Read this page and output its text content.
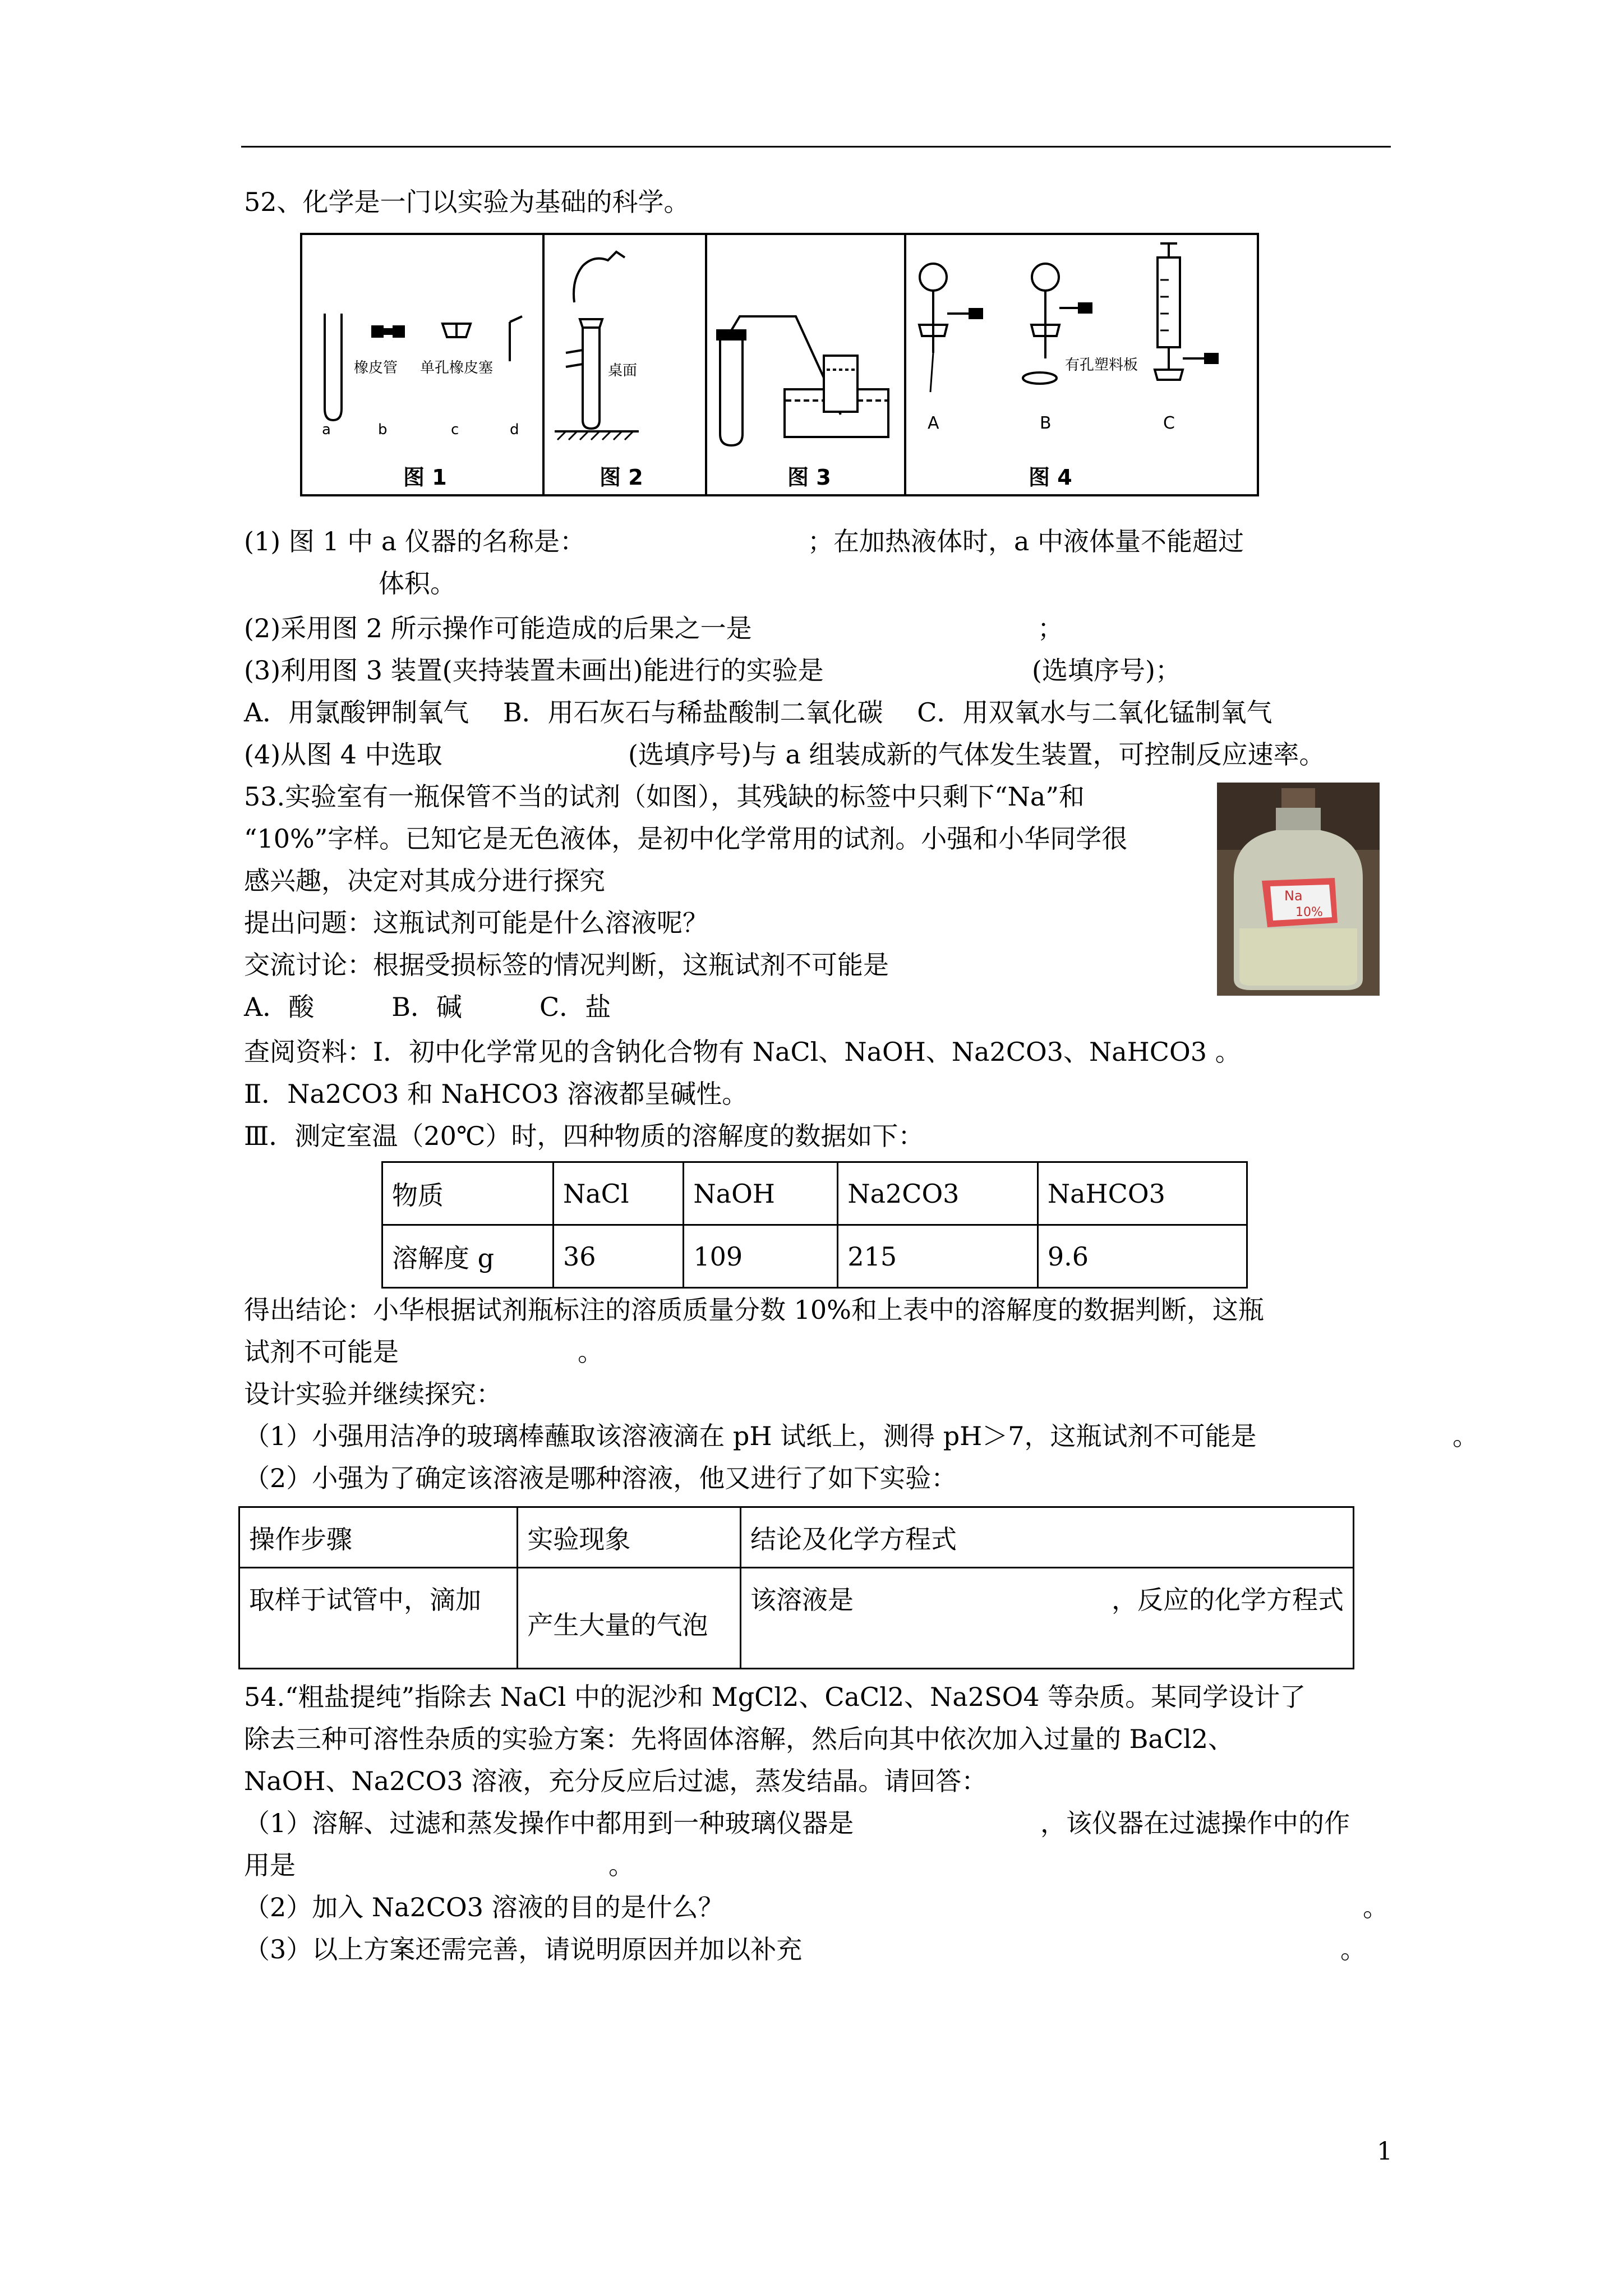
52、化学是一门以实验为基础的科学。
橡皮管 单孔橡皮塞
a	b	c	d
图 1
桌面
图 2	图 3
有孔塑料板
A	B	C
图 4
(1) 图 1 中 a 仪器的名称是：	；在加热液体时，a 中液体量不能超过
体积。
(2)采用图 2 所示操作可能造成的后果之一是	；
(3)利用图 3 装置(夹持装置未画出)能进行的实验是	(选填序号)；
A．用氯酸钾制氧气　 B．用石灰石与稀盐酸制二氧化碳　 C．用双氧水与二氧化锰制氧气
(4)从图 4 中选取	(选填序号)与 a 组装成新的气体发生装置，可控制反应速率。
53.实验室有一瓶保管不当的试剂（如图），其残缺的标签中只剩下“Na”和
“10%”字样。已知它是无色液体，是初中化学常用的试剂。小强和小华同学很
感兴趣，决定对其成分进行探究	Na
10%
提出问题：这瓶试剂可能是什么溶液呢？
交流讨论：根据受损标签的情况判断，这瓶试剂不可能是
A．酸　　　B．碱　　　C．盐
查阅资料：Ⅰ．初中化学常见的含钠化合物有 NaCl、NaOH、Na2CO3、NaHCO3 。
Ⅱ．Na2CO3 和 NaHCO3 溶液都呈碱性。
Ⅲ．测定室温（20℃）时，四种物质的溶解度的数据如下：
物质	NaCl	NaOH	Na2CO3	NaHCO3
溶解度 g	36	109	215	9.6
得出结论：小华根据试剂瓶标注的溶质质量分数 10%和上表中的溶解度的数据判断，这瓶
试剂不可能是	。
设计实验并继续探究：
（1）小强用洁净的玻璃棒蘸取该溶液滴在 pH 试纸上，测得 pH＞7，这瓶试剂不可能是	。
（2）小强为了确定该溶液是哪种溶液，他又进行了如下实验：
操作步骤	实验现象	结论及化学方程式
取样于试管中，滴加	产生大量的气泡	该溶液是 ，反应的化学方程式
54.“粗盐提纯”指除去 NaCl 中的泥沙和 MgCl2、CaCl2、Na2SO4 等杂质。某同学设计了
除去三种可溶性杂质的实验方案：先将固体溶解，然后向其中依次加入过量的 BaCl2、
NaOH、Na2CO3 溶液，充分反应后过滤，蒸发结晶。请回答：
（1）溶解、过滤和蒸发操作中都用到一种玻璃仪器是	，该仪器在过滤操作中的作
用是	。
（2）加入 Na2CO3 溶液的目的是什么？	。
（3）以上方案还需完善，请说明原因并加以补充	。
1
